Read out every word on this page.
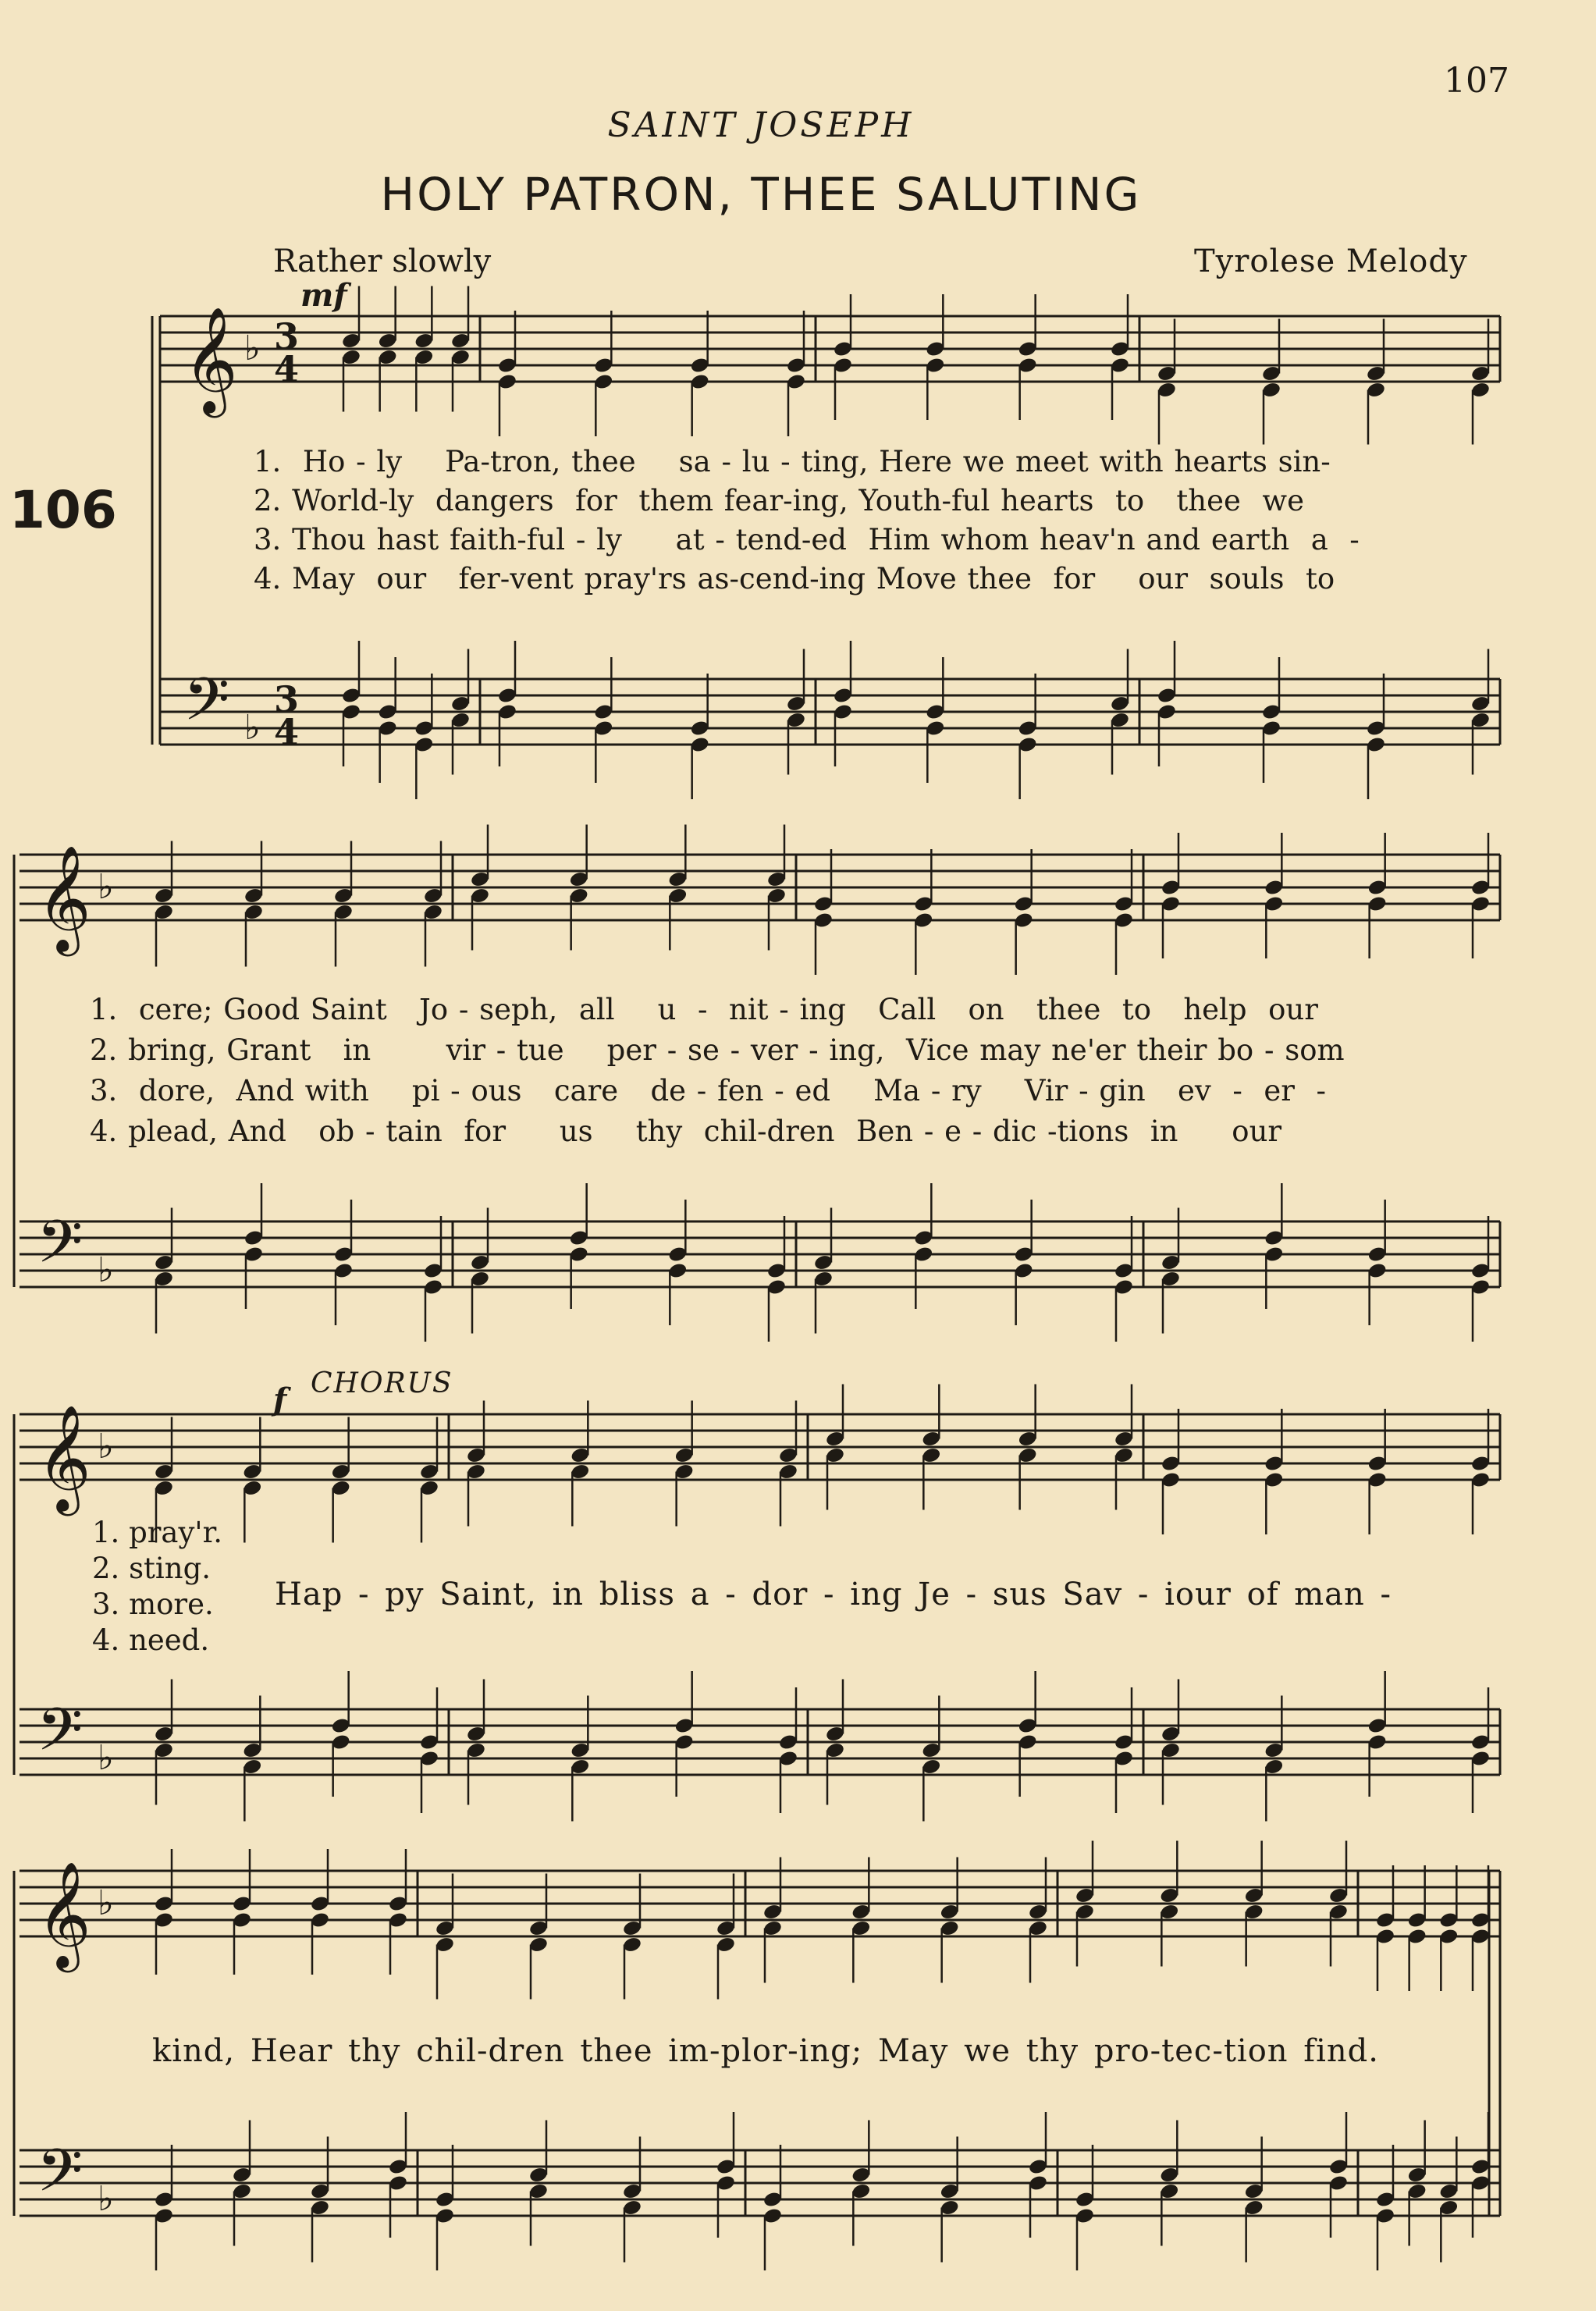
107
SAINT JOSEPH
HOLY PATRON, THEE SALUTING
Rather slowly	Tyrolese Melody
106
mf
f CHORUS
𝄞
𝄢
♭
♭
3
3
4
4
𝄞
𝄢
♭
♭
𝄞
𝄢
♭
♭
𝄞
𝄢
♭
♭
1.  Ho - ly    Pa-tron, thee    sa - lu - ting, Here we meet with hearts sin-
2. World-ly  dangers  for  them fear-ing, Youth-ful hearts  to   thee  we
3. Thou hast faith-ful - ly     at - tend-ed  Him whom heav'n and earth  a  -
4. May  our   fer-vent pray'rs as-cend-ing Move thee  for    our  souls  to
1.  cere; Good Saint   Jo - seph,  all    u  -  nit - ing   Call   on   thee  to   help  our
2. bring, Grant   in       vir - tue    per - se - ver - ing,  Vice may ne'er their bo - som
3.  dore,  And with    pi - ous   care   de - fen - ed    Ma - ry    Vir - gin   ev  -  er  -
4. plead, And   ob - tain  for     us    thy  chil-dren  Ben - e - dic -tions  in     our
1. pray'r.
2. sting.
3. more.
4. need.
Hap - py Saint, in bliss a - dor - ing Je - sus Sav - iour of man -
kind, Hear thy chil-dren thee im-plor-ing; May we thy pro-tec-tion find.
